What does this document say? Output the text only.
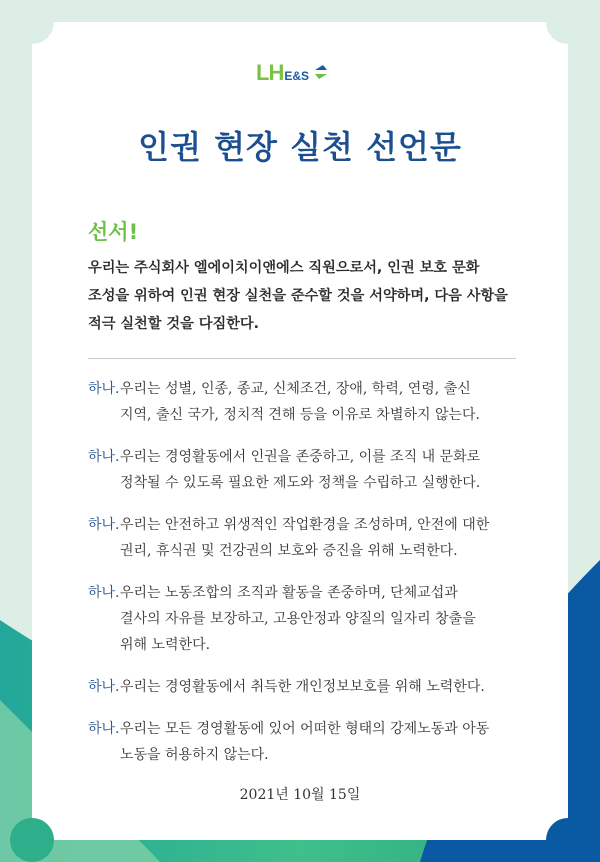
LH E&S
인권 현장 실천 선언문
선서!
우리는 주식회사 엘에이치이앤에스 직원으로서, 인권 보호 문화
조성을 위하여 인권 현장 실천을 준수할 것을 서약하며, 다음 사항을
적극 실천할 것을 다짐한다.
하나. 우리는 성별, 인종, 종교, 신체조건, 장애, 학력, 연령, 출신
지역, 출신 국가, 정치적 견해 등을 이유로 차별하지 않는다.
하나. 우리는 경영활동에서 인권을 존중하고, 이를 조직 내 문화로
정착될 수 있도록 필요한 제도와 정책을 수립하고 실행한다.
하나. 우리는 안전하고 위생적인 작업환경을 조성하며, 안전에 대한
권리, 휴식권 및 건강권의 보호와 증진을 위해 노력한다.
하나. 우리는 노동조합의 조직과 활동을 존중하며, 단체교섭과
결사의 자유를 보장하고, 고용안정과 양질의 일자리 창출을
위해 노력한다.
하나. 우리는 경영활동에서 취득한 개인정보보호를 위해 노력한다.
하나. 우리는 모든 경영활동에 있어 어떠한 형태의 강제노동과 아동
노동을 허용하지 않는다.
2021년 10월 15일
